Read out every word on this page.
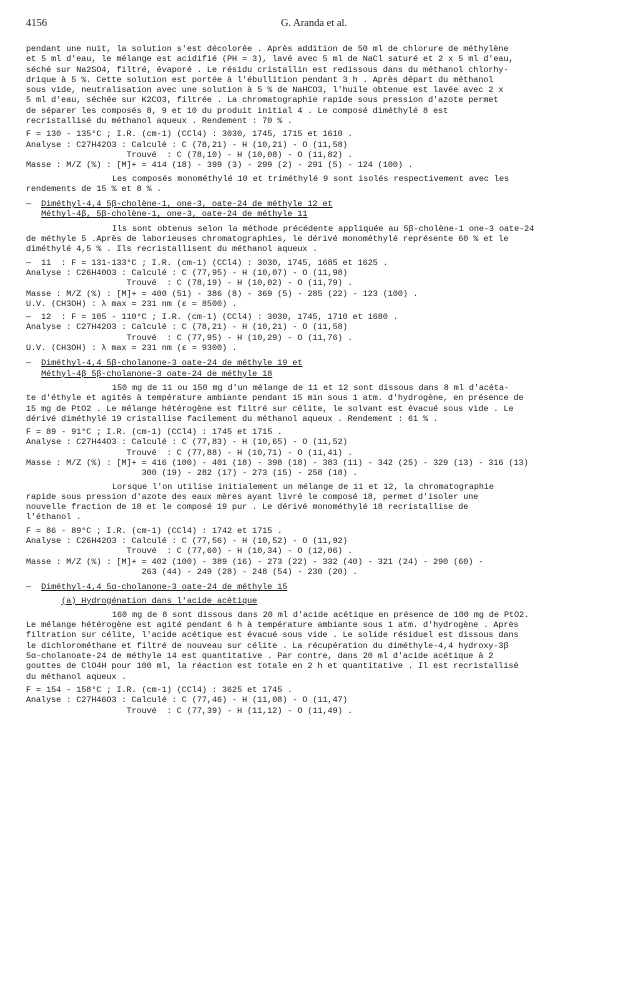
4156	G. Aranda et al.
pendant une nuit, la solution s'est décolorée . Après addition de 50 ml de chlorure de méthylène
et 5 ml d'eau, le mélange est acidifié (PH = 3), lavé avec 5 ml de NaCl saturé et 2 x 5 ml d'eau,
séché sur Na2SO4, filtré, évaporé . Le résidu cristallin est redissous dans du méthanol chlorhy-
drique à 5 %. Cette solution est portée à l'ébullition pendant 3 h . Après départ du méthanol
sous vide, neutralisation avec une solution à 5 % de NaHCO3, l'huile obtenue est lavée avec 2 x
5 ml d'eau, séchée sur K2CO3, filtrée . La chromatographie rapide sous pression d'azote permet
de séparer les composés 8, 9 et 10 du produit initial 4 . Le composé diméthylé 8 est
recristallisé du méthanol aqueux . Rendement : 70 % .
F = 130 - 135°C ; I.R. (cm-1) (CCl4) : 3030, 1745, 1715 et 1610 .
Analyse : C27H42O3 : Calculé : C (78,21) - H (10,21) - O (11,58)
Trouvé  : C (78,10) - H (10,08) - O (11,82) .
Masse : M/Z (%) : [M]+ = 414 (18) - 399 (3) - 299 (2) - 291 (5) - 124 (100) .
Les composés monométhylé 10 et triméthylé 9 sont isolés respectivement avec les
rendements de 15 % et 8 % .
—  Diméthyl-4,4 5β-cholène-1, one-3, oate-24 de méthyle 12 et
Méthyl-4β, 5β-cholène-1, one-3, oate-24 de méthyle 11
Ils sont obtenus selon la méthode précédente appliquée au 5β-cholène-1 one-3 oate-24
de méthyle 5 .Après de laborieuses chromatographies, le dérivé monométhylé représente 60 % et le
diméthylé 4,5 % . Ils recristallisent du méthanol aqueux .
—  11  : F = 131-133°C ; I.R. (cm-1) (CCl4) : 3030, 1745, 1685 et 1625 .
Analyse : C26H40O3 : Calculé : C (77,95) - H (10,07) - O (11,98)
Trouvé  : C (78,19) - H (10,02) - O (11,79) .
Masse : M/Z (%) : [M]+ = 400 (51) - 386 (8) - 369 (5) - 285 (22) - 123 (100) .
U.V. (CH3OH) : λ max = 231 nm (ε = 8500) .
—  12  : F = 105 - 110°C ; I.R. (cm-1) (CCl4) : 3030, 1745, 1710 et 1680 .
Analyse : C27H42O3 : Calculé : C (78,21) - H (10,21) - O (11,58)
Trouvé  : C (77,95) - H (10,29) - O (11,76) .
U.V. (CH3OH) : λ max = 231 nm (ε = 9300) .
—  Diméthyl-4,4 5β-cholanone-3 oate-24 de méthyle 19 et
Méthyl-4β 5β-cholanone-3 oate-24 de méthyle 18
150 mg de 11 ou 150 mg d'un mélange de 11 et 12 sont dissous dans 8 ml d'acéta-
te d'éthyle et agités à température ambiante pendant 15 min sous 1 atm. d'hydrogène, en présence de
15 mg de PtO2 . Le mélange hétérogène est filtré sur célite, le solvant est évacué sous vide . Le
dérivé diméthylé 19 cristallise facilement du méthanol aqueux . Rendement : 61 % .
F = 89 - 91°C ; I.R. (cm-1) (CCl4) : 1745 et 1715 .
Analyse : C27H44O3 : Calculé : C (77,83) - H (10,65) - O (11,52)
Trouvé  : C (77,88) - H (10,71) - O (11,41) .
Masse : M/Z (%) : [M]+ = 416 (100) - 401 (18) - 398 (18) - 383 (11) - 342 (25) - 329 (13) - 316 (13)
300 (19) - 282 (17) - 273 (15) - 258 (18) .
Lorsque l'on utilise initialement un mélange de 11 et 12, la chromatographie
rapide sous pression d'azote des eaux mères ayant livré le composé 18, permet d'isoler une
nouvelle fraction de 18 et le composé 19 pur . Le dérivé monométhylé 18 recristallise de
l'éthanol .
F = 86 - 89°C ; I.R. (cm-1) (CCl4) : 1742 et 1715 .
Analyse : C26H42O3 : Calculé : C (77,56) - H (10,52) - O (11,92)
Trouvé  : C (77,60) - H (10,34) - O (12,06) .
Masse : M/Z (%) : [M]+ = 402 (100) - 389 (16) - 273 (22) - 332 (40) - 321 (24) - 290 (60) -
263 (44) - 249 (28) - 248 (54) - 230 (20) .
—  Diméthyl-4,4 5α-cholanone-3 oate-24 de méthyle 15
(a) Hydrogénation dans l'acide acétique
160 mg de 8 sont dissous dans 20 ml d'acide acétique en présence de 100 mg de PtO2.
Le mélange hétérogène est agité pendant 6 h à température ambiante sous 1 atm. d'hydrogène . Après
filtration sur célite, l'acide acétique est évacué sous vide . Le solide résiduel est dissous dans
le dichlorométhane et filtré de nouveau sur célite . La récupération du diméthyle-4,4 hydroxy-3β
5α-cholanoate-24 de méthyle 14 est quantitative . Par contre, dans 20 ml d'acide acétique à 2
gouttes de ClO4H pour 100 ml, la réaction est totale en 2 h et quantitative . Il est recristallisé
du méthanol aqueux .
F = 154 - 158°C ; I.R. (cm-1) (CCl4) : 3625 et 1745 .
Analyse : C27H46O3 : Calculé : C (77,46) - H (11,08) - O (11,47)
Trouvé  : C (77,39) - H (11,12) - O (11,49) .
